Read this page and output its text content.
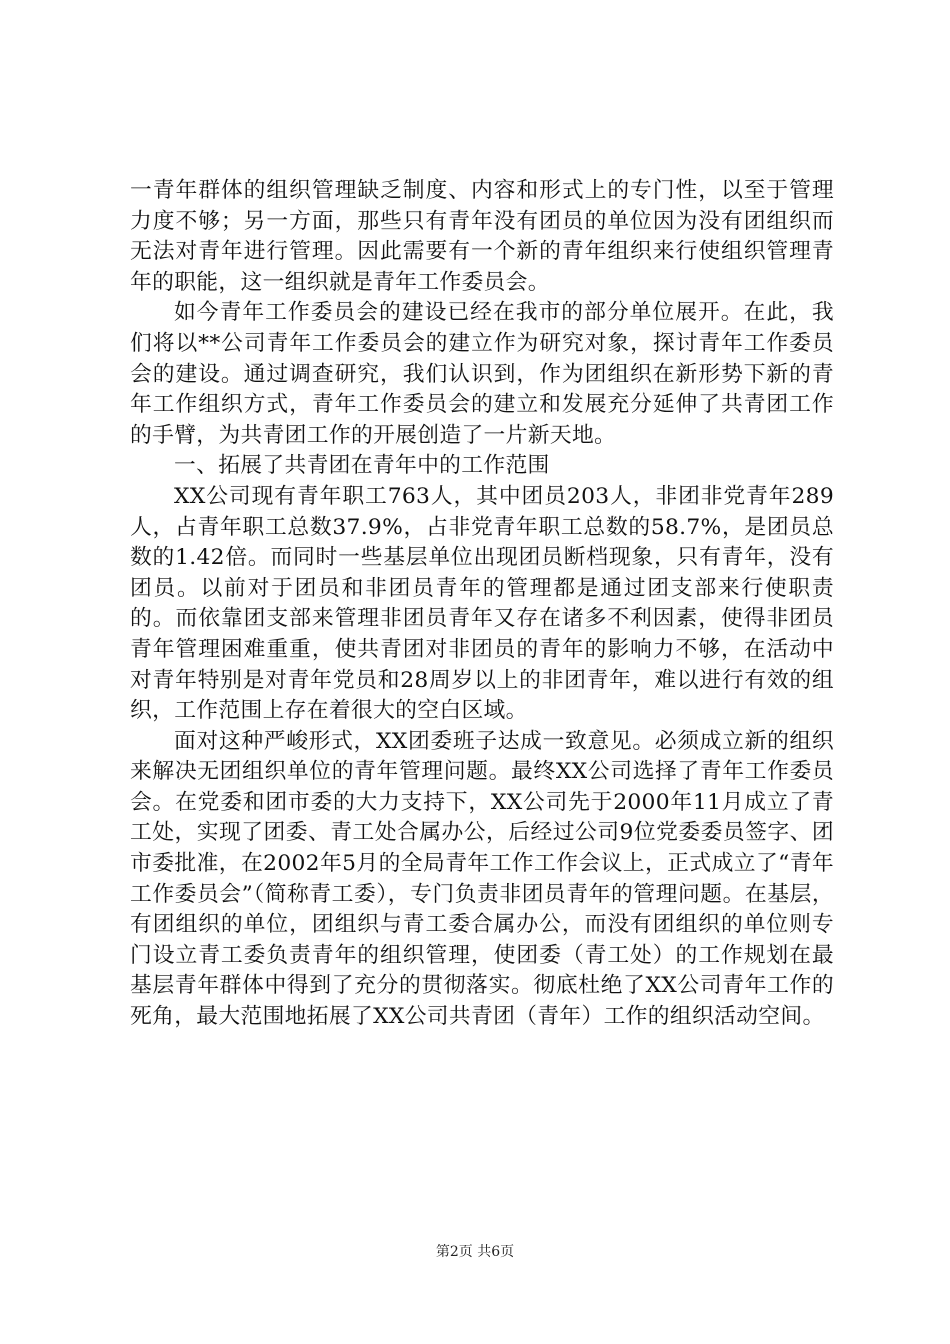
一青年群体的组织管理缺乏制度、内容和形式上的专门性，以至于管理力度不够；另一方面，那些只有青年没有团员的单位因为没有团组织而无法对青年进行管理。因此需要有一个新的青年组织来行使组织管理青年的职能，这一组织就是青年工作委员会。

如今青年工作委员会的建设已经在我市的部分单位展开。在此，我们将以**公司青年工作委员会的建立作为研究对象，探讨青年工作委员会的建设。通过调查研究，我们认识到，作为团组织在新形势下新的青年工作组织方式，青年工作委员会的建立和发展充分延伸了共青团工作的手臂，为共青团工作的开展创造了一片新天地。

一、拓展了共青团在青年中的工作范围

XX公司现有青年职工763人，其中团员203人，非团非党青年289人，占青年职工总数37.9%，占非党青年职工总数的58.7%，是团员总数的1.42倍。而同时一些基层单位出现团员断档现象，只有青年，没有团员。以前对于团员和非团员青年的管理都是通过团支部来行使职责的。而依靠团支部来管理非团员青年又存在诸多不利因素，使得非团员青年管理困难重重，使共青团对非团员的青年的影响力不够，在活动中对青年特别是对青年党员和28周岁以上的非团青年，难以进行有效的组织，工作范围上存在着很大的空白区域。

面对这种严峻形式，XX团委班子达成一致意见。必须成立新的组织来解决无团组织单位的青年管理问题。最终XX公司选择了青年工作委员会。在党委和团市委的大力支持下，XX公司先于2000年11月成立了青工处，实现了团委、青工处合属办公，后经过公司9位党委委员签字、团市委批准，在2002年5月的全局青年工作工作会议上，正式成立了“青年工作委员会”（简称青工委），专门负责非团员青年的管理问题。在基层，有团组织的单位，团组织与青工委合属办公，而没有团组织的单位则专门设立青工委负责青年的组织管理，使团委（青工处）的工作规划在最基层青年群体中得到了充分的贯彻落实。彻底杜绝了XX公司青年工作的死角，最大范围地拓展了XX公司共青团（青年）工作的组织活动空间。

第2页 共6页
